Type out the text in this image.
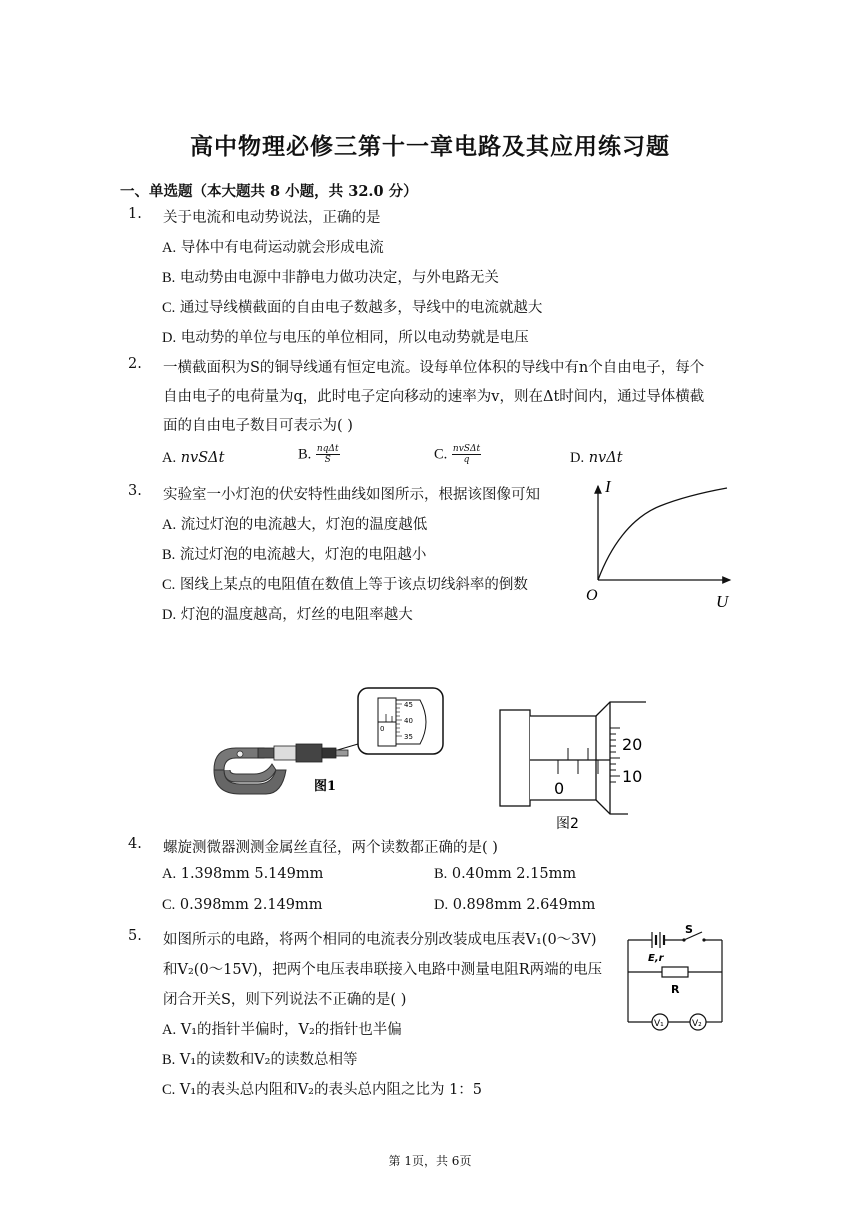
高中物理必修三第十一章电路及其应用练习题
一、单选题（本大题共 8 小题，共 32.0 分）
1. 关于电流和电动势说法，正确的是
A. 导体中有电荷运动就会形成电流
B. 电动势由电源中非静电力做功决定，与外电路无关
C. 通过导线横截面的自由电子数越多，导线中的电流就越大
D. 电动势的单位与电压的单位相同，所以电动势就是电压
2. 一横截面积为S的铜导线通有恒定电流。设每单位体积的导线中有n个自由电子，每个
自由电子的电荷量为q，此时电子定向移动的速率为v，则在Δt时间内，通过导体横截
面的自由电子数目可表示为( )
A. nvSΔt	B. $\frac{\text{nqΔt}}{S}$	C. $\frac{\text{nvSΔt}}{q}$	D. nvΔt
3. 实验室一小灯泡的伏安特性曲线如图所示，根据该图像可知
A. 流过灯泡的电流越大，灯泡的温度越低
B. 流过灯泡的电流越大，灯泡的电阻越小
C. 图线上某点的电阻值在数值上等于该点切线斜率的倒数
D. 灯泡的温度越高，灯丝的电阻率越大
I
U
O
45
40
35
0
图1
20
10
0
图2
4. 螺旋测微器测测金属丝直径，两个读数都正确的是( )
A. 1.398mm 5.149mm	B. 0.40mm 2.15mm
C. 0.398mm 2.149mm	D. 0.898mm 2.649mm
5. 如图所示的电路，将两个相同的电流表分别改装成电压表V₁(0～3V)
和V₂(0～15V)，把两个电压表串联接入电路中测量电阻R两端的电压
闭合开关S，则下列说法不正确的是( )
A. V₁的指针半偏时，V₂的指针也半偏
B. V₁的读数和V₂的读数总相等
C. V₁的表头总内阻和V₂的表头总内阻之比为 1：5
S
E,r
R
V₁	V₂
第 1页，共 6页
